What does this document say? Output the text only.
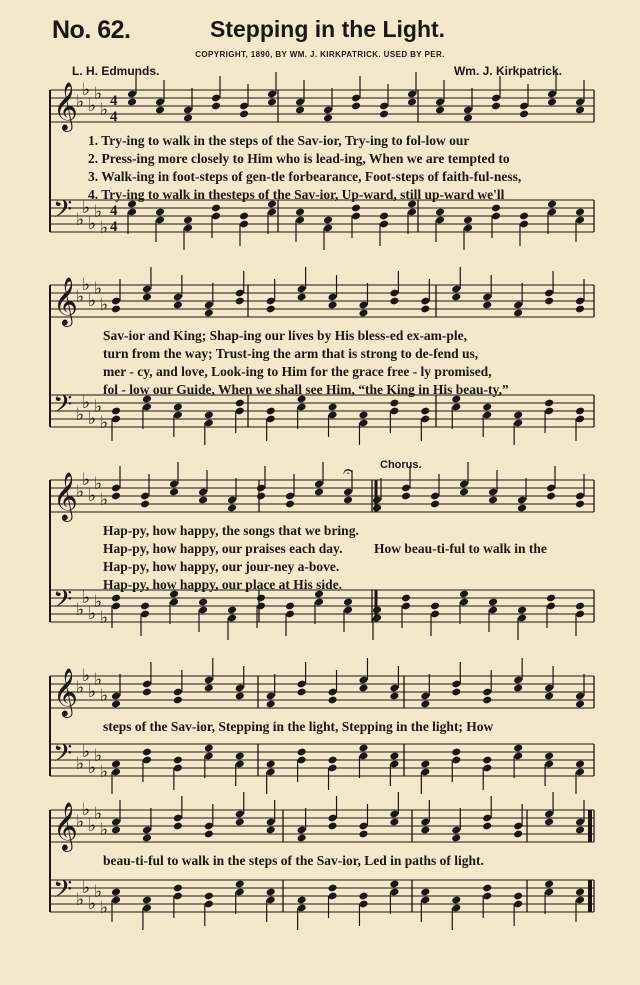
No. 62.	Stepping in the Light.
COPYRIGHT, 1890, BY WM. J. KIRKPATRICK. USED BY PER.
L. H. Edmunds.	Wm. J. Kirkpatrick.
𝄞
♭
♭
♭
♭
♭ 4
4
𝄢 ♭
♭
♭
♭
♭
4
4
𝄞
♭
♭
♭
♭
♭
𝄢 ♭
♭
♭
♭
♭
𝄞
♭
♭
♭
♭
♭
𝄢 ♭
♭
♭
♭
♭
𝄞
♭
♭
♭
♭
♭
𝄢 ♭
♭
♭
♭
♭
𝄞
♭
♭
♭
♭
♭
𝄢 ♭
♭
♭
♭
♭
𝄐
1. Try-ing to walk in the steps of the Sav-ior, Try-ing to fol-low our
2. Press-ing more closely to Him who is lead-ing, When we are tempted to
3. Walk-ing in foot-steps of gen-tle forbearance, Foot-steps of faith-ful-ness,
4. Try-ing to walk in thesteps of the Sav-ior, Up-ward, still up-ward we'll
Sav-ior and King; Shap-ing our lives by His bless-ed ex-am-ple,
turn from the way; Trust-ing the arm that is strong to de-fend us,
mer - cy, and love, Look-ing to Him for the grace free - ly promised,
fol - low our Guide, When we shall see Him, “the King in His beau-ty,”
Chorus.
Hap-py, how happy, the songs that we bring.
Hap-py, how happy, our praises each day.
Hap-py, how happy, our jour-ney a-bove.
Hap-py, how happy, our place at His side.
How beau-ti-ful to walk in the
steps of the Sav-ior, Stepping in the light, Stepping in the light; How
beau-ti-ful to walk in the steps of the Sav-ior, Led in paths of light.
